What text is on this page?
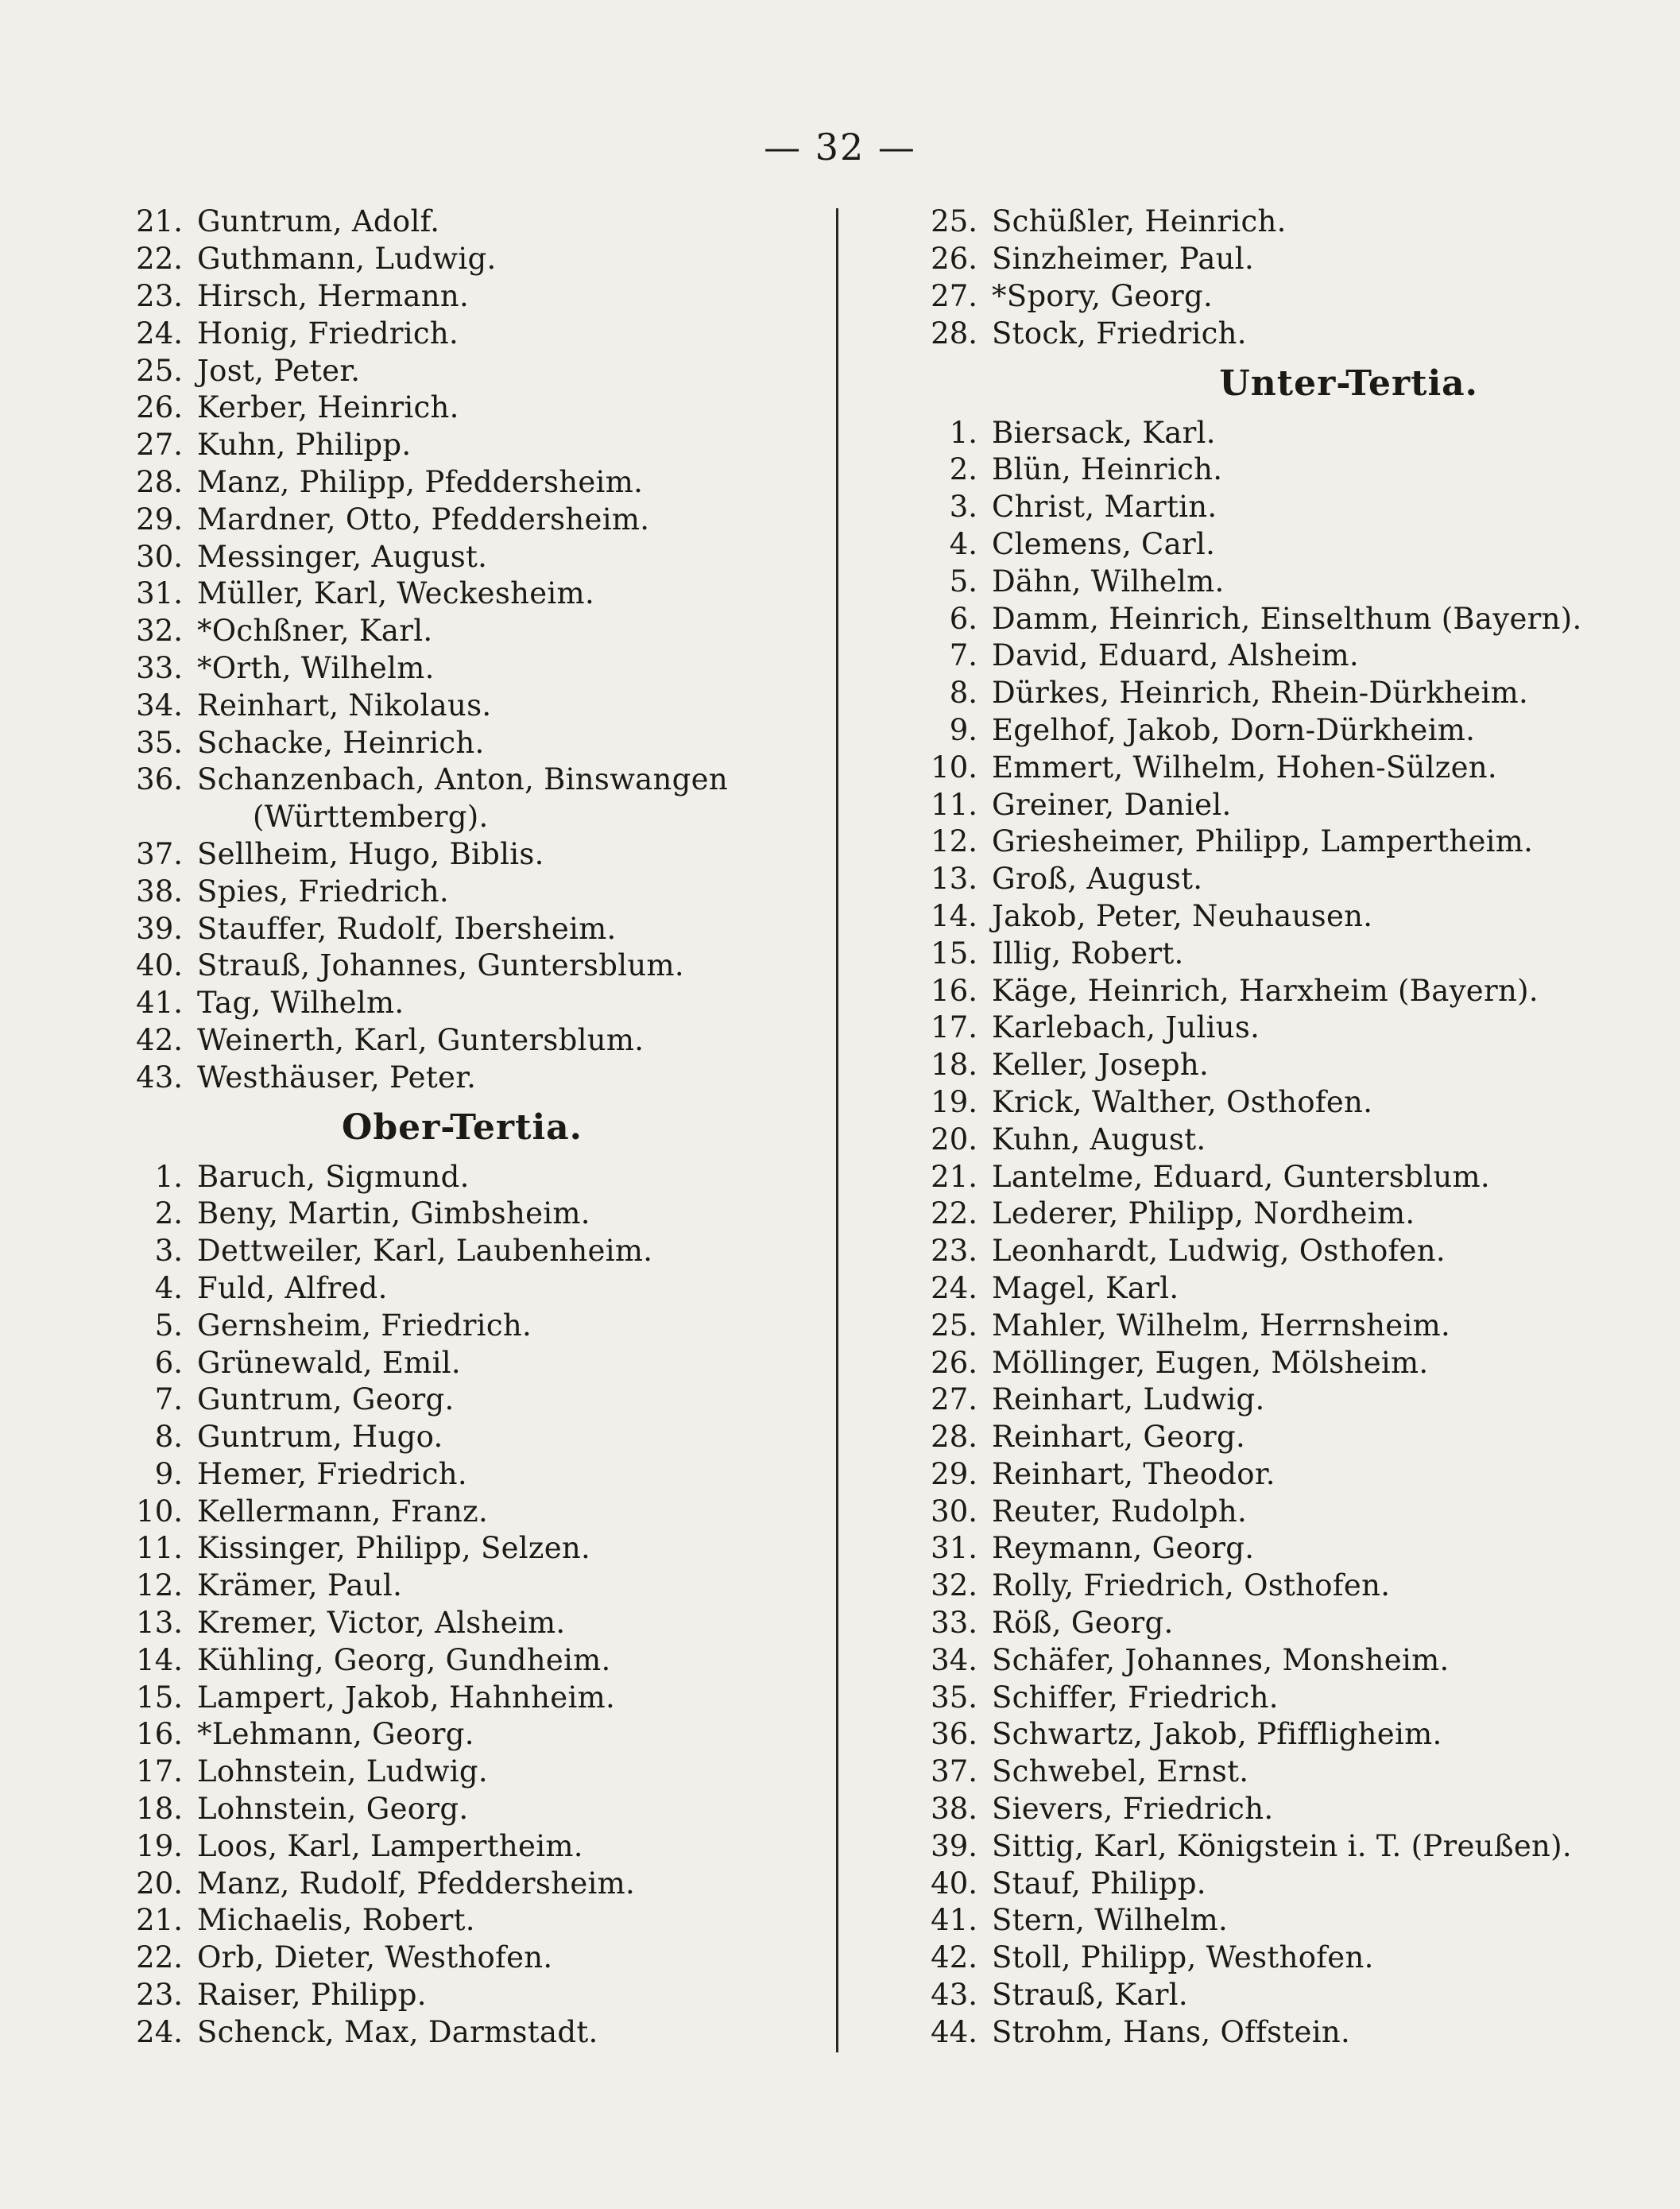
— 32 —
21. Guntrum, Adolf.
22. Guthmann, Ludwig.
23. Hirsch, Hermann.
24. Honig, Friedrich.
25. Jost, Peter.
26. Kerber, Heinrich.
27. Kuhn, Philipp.
28. Manz, Philipp, Pfeddersheim.
29. Mardner, Otto, Pfeddersheim.
30. Messinger, August.
31. Müller, Karl, Weckesheim.
32. *Ochßner, Karl.
33. *Orth, Wilhelm.
34. Reinhart, Nikolaus.
35. Schacke, Heinrich.
36. Schanzenbach, Anton, Binswangen
(Württemberg).
37. Sellheim, Hugo, Biblis.
38. Spies, Friedrich.
39. Stauffer, Rudolf, Ibersheim.
40. Strauß, Johannes, Guntersblum.
41. Tag, Wilhelm.
42. Weinerth, Karl, Guntersblum.
43. Westhäuser, Peter.
Ober-Tertia.
1. Baruch, Sigmund.
2. Beny, Martin, Gimbsheim.
3. Dettweiler, Karl, Laubenheim.
4. Fuld, Alfred.
5. Gernsheim, Friedrich.
6. Grünewald, Emil.
7. Guntrum, Georg.
8. Guntrum, Hugo.
9. Hemer, Friedrich.
10. Kellermann, Franz.
11. Kissinger, Philipp, Selzen.
12. Krämer, Paul.
13. Kremer, Victor, Alsheim.
14. Kühling, Georg, Gundheim.
15. Lampert, Jakob, Hahnheim.
16. *Lehmann, Georg.
17. Lohnstein, Ludwig.
18. Lohnstein, Georg.
19. Loos, Karl, Lampertheim.
20. Manz, Rudolf, Pfeddersheim.
21. Michaelis, Robert.
22. Orb, Dieter, Westhofen.
23. Raiser, Philipp.
24. Schenck, Max, Darmstadt.
25. Schüßler, Heinrich.
26. Sinzheimer, Paul.
27. *Spory, Georg.
28. Stock, Friedrich.
Unter-Tertia.
1. Biersack, Karl.
2. Blün, Heinrich.
3. Christ, Martin.
4. Clemens, Carl.
5. Dähn, Wilhelm.
6. Damm, Heinrich, Einselthum (Bayern).
7. David, Eduard, Alsheim.
8. Dürkes, Heinrich, Rhein-Dürkheim.
9. Egelhof, Jakob, Dorn-Dürkheim.
10. Emmert, Wilhelm, Hohen-Sülzen.
11. Greiner, Daniel.
12. Griesheimer, Philipp, Lampertheim.
13. Groß, August.
14. Jakob, Peter, Neuhausen.
15. Illig, Robert.
16. Käge, Heinrich, Harxheim (Bayern).
17. Karlebach, Julius.
18. Keller, Joseph.
19. Krick, Walther, Osthofen.
20. Kuhn, August.
21. Lantelme, Eduard, Guntersblum.
22. Lederer, Philipp, Nordheim.
23. Leonhardt, Ludwig, Osthofen.
24. Magel, Karl.
25. Mahler, Wilhelm, Herrnsheim.
26. Möllinger, Eugen, Mölsheim.
27. Reinhart, Ludwig.
28. Reinhart, Georg.
29. Reinhart, Theodor.
30. Reuter, Rudolph.
31. Reymann, Georg.
32. Rolly, Friedrich, Osthofen.
33. Röß, Georg.
34. Schäfer, Johannes, Monsheim.
35. Schiffer, Friedrich.
36. Schwartz, Jakob, Pfiffligheim.
37. Schwebel, Ernst.
38. Sievers, Friedrich.
39. Sittig, Karl, Königstein i. T. (Preußen).
40. Stauf, Philipp.
41. Stern, Wilhelm.
42. Stoll, Philipp, Westhofen.
43. Strauß, Karl.
44. Strohm, Hans, Offstein.
